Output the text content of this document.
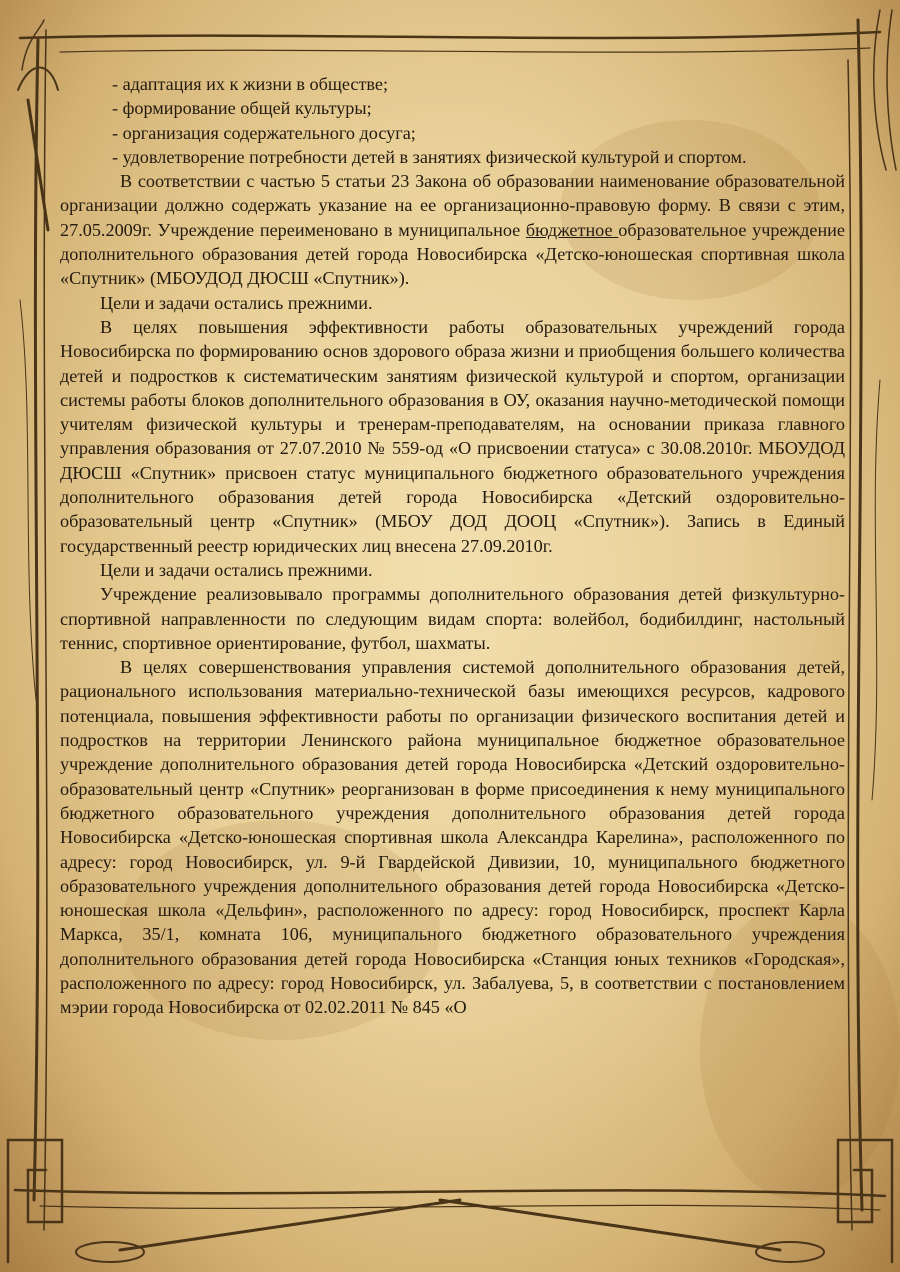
- адаптация их к жизни в обществе;

- формирование общей культуры;

- организация содержательного досуга;

- удовлетворение потребности детей в занятиях физической культурой и спортом.

В соответствии с частью 5 статьи 23 Закона об образовании наименование образовательной организации должно содержать указание на ее организационно-правовую форму. В связи с этим, 27.05.2009г. Учреждение переименовано в муниципальное бюджетное образовательное учреждение дополнительного образования детей города Новосибирска «Детско-юношеская спортивная школа «Спутник» (МБОУДОД ДЮСШ «Спутник»).

Цели и задачи остались прежними.

В целях повышения эффективности работы образовательных учреждений города Новосибирска по формированию основ здорового образа жизни и приобщения большего количества детей и подростков к систематическим занятиям физической культурой и спортом, организации системы работы блоков дополнительного образования в ОУ, оказания научно-методической помощи учителям физической культуры и тренерам-преподавателям, на основании приказа главного управления образования от 27.07.2010 № 559-од «О присвоении статуса» с 30.08.2010г. МБОУДОД ДЮСШ «Спутник» присвоен статус муниципального бюджетного образовательного учреждения дополнительного образования детей города Новосибирска «Детский оздоровительно-образовательный центр «Спутник» (МБОУ ДОД ДООЦ «Спутник»). Запись в Единый государственный реестр юридических лиц внесена 27.09.2010г.

Цели и задачи остались прежними.

Учреждение реализовывало программы дополнительного образования детей физкультурно-спортивной направленности по следующим видам спорта: волейбол, бодибилдинг, настольный теннис, спортивное ориентирование, футбол, шахматы.

В целях совершенствования управления системой дополнительного образования детей, рационального использования материально-технической базы имеющихся ресурсов, кадрового потенциала, повышения эффективности работы по организации физического воспитания детей и подростков на территории Ленинского района муниципальное бюджетное образовательное учреждение дополнительного образования детей города Новосибирска «Детский оздоровительно-образовательный центр «Спутник» реорганизован в форме присоединения к нему муниципального бюджетного образовательного учреждения дополнительного образования детей города Новосибирска «Детско-юношеская спортивная школа Александра Карелина», расположенного по адресу: город Новосибирск, ул. 9-й Гвардейской Дивизии, 10, муниципального бюджетного образовательного учреждения дополнительного образования детей города Новосибирска «Детско-юношеская школа «Дельфин», расположенного по адресу: город Новосибирск, проспект Карла Маркса, 35/1, комната 106, муниципального бюджетного образовательного учреждения дополнительного образования детей города Новосибирска «Станция юных техников «Городская», расположенного по адресу: город Новосибирск, ул. Забалуева, 5, в соответствии с постановлением мэрии города Новосибирска от 02.02.2011 № 845 «О
